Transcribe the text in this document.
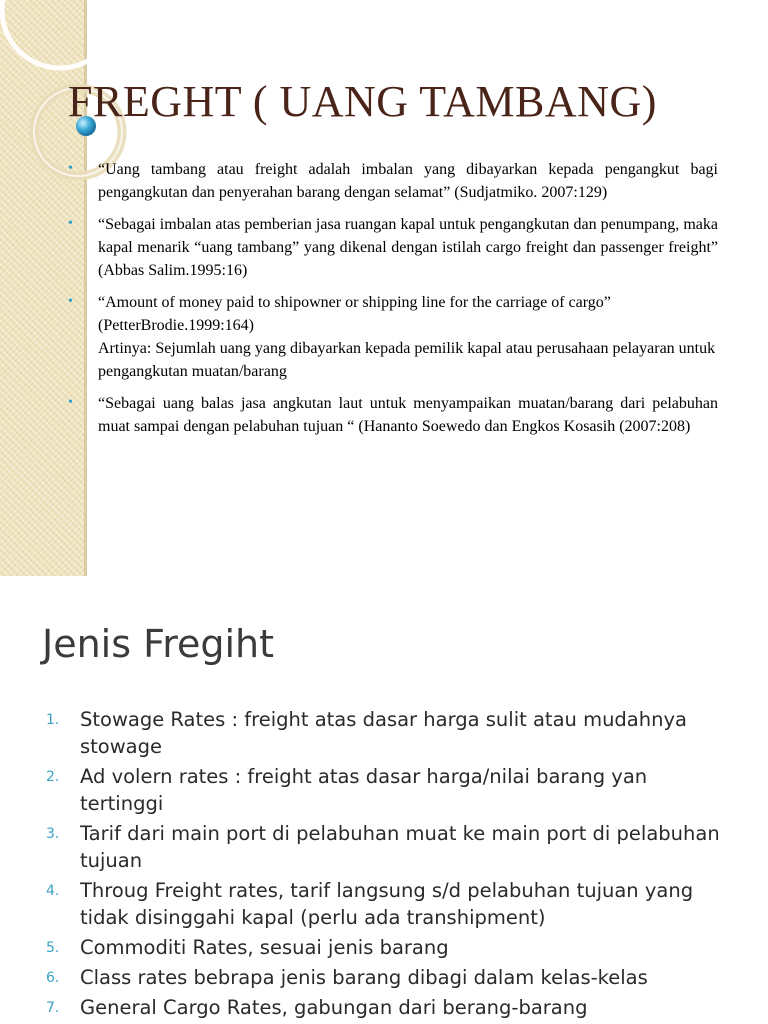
FREGHT ( UANG TAMBANG)
• “Uang tambang atau freight adalah imbalan yang dibayarkan kepada pengangkut bagi pengangkutan dan penyerahan barang dengan selamat” (Sudjatmiko. 2007:129)
• “Sebagai imbalan atas pemberian jasa ruangan kapal untuk pengangkutan dan penumpang, maka kapal menarik “uang tambang” yang dikenal dengan istilah cargo freight dan passenger freight” (Abbas Salim.1995:16)
• “Amount of money paid to shipowner or shipping line for the carriage of cargo” (PetterBrodie.1999:164)
Artinya: Sejumlah uang yang dibayarkan kepada pemilik kapal atau perusahaan pelayaran untuk pengangkutan muatan/barang
• “Sebagai uang balas jasa angkutan laut untuk menyampaikan muatan/barang dari pelabuhan muat sampai dengan pelabuhan tujuan “ (Hananto Soewedo dan Engkos Kosasih (2007:208)
Jenis Fregiht
1. Stowage Rates : freight atas dasar harga sulit atau mudahnya stowage
2. Ad volern rates : freight atas dasar harga/nilai barang yan tertinggi
3. Tarif dari main port di pelabuhan muat ke main port di pelabuhan tujuan
4. Throug Freight rates, tarif langsung s/d pelabuhan tujuan yang tidak disinggahi kapal (perlu ada transhipment)
5. Commoditi Rates, sesuai jenis barang
6. Class rates bebrapa jenis barang dibagi dalam kelas-kelas
7. General Cargo Rates, gabungan dari berang-barang
